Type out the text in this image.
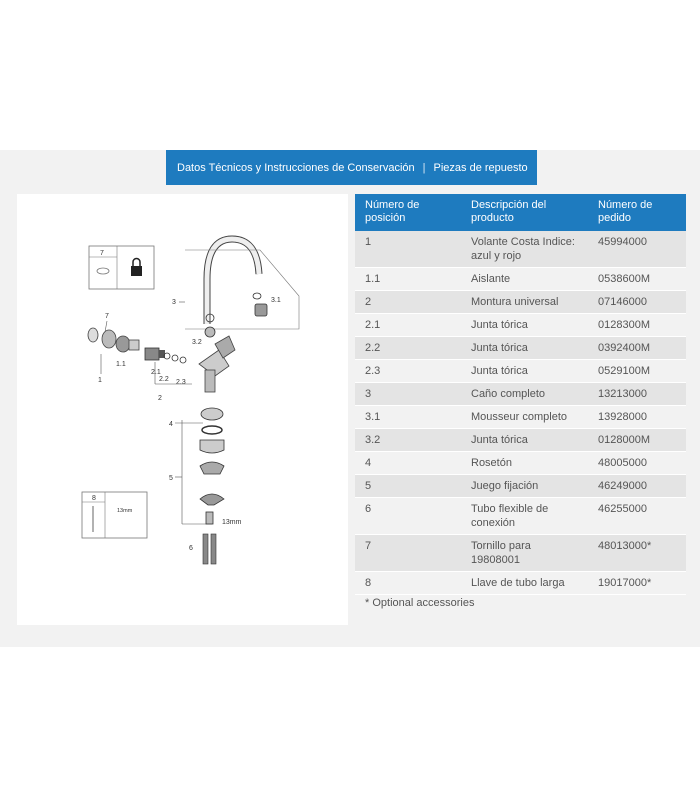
Datos Técnicos y Instrucciones de Conservación | Piezas de repuesto
7
7
1
1.1
2.1
2.2 2.3
2
3	3.1
3.2
4
5
13mm
6
8
13mm
Número de posición	Descripción del producto	Número de pedido
1	Volante Costa Indice: azul y rojo	45994000
1.1	Aislante	0538600M
2	Montura universal	07146000
2.1	Junta tórica	0128300M
2.2	Junta tórica	0392400M
2.3	Junta tórica	0529100M
3	Caño completo	13213000
3.1	Mousseur completo	13928000
3.2	Junta tórica	0128000M
4	Rosetón	48005000
5	Juego fijación	46249000
6	Tubo flexible de conexión	46255000
7	Tornillo para 19808001	48013000*
8	Llave de tubo larga	19017000*
* Optional accessories
